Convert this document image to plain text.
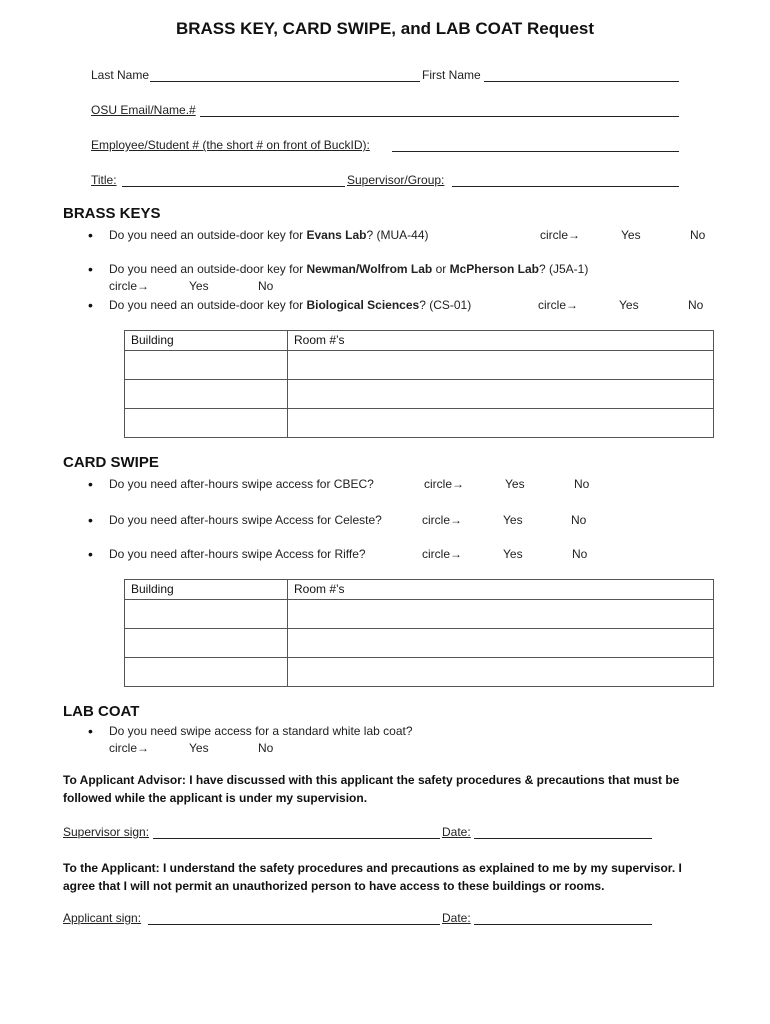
BRASS KEY, CARD SWIPE, and LAB COAT Request
Last Name	First Name
OSU Email/Name.#
Employee/Student # (the short # on front of BuckID):
Title:	Supervisor/Group:
BRASS KEYS
• Do you need an outside-door key for Evans Lab? (MUA-44)	circle→	Yes	No
• Do you need an outside-door key for Newman/Wolfrom Lab or McPherson Lab? (J5A-1)
circle→	Yes	No
• Do you need an outside-door key for Biological Sciences? (CS-01)	circle→	Yes	No
Building	Room #’s

CARD SWIPE
• Do you need after-hours swipe access for CBEC?	circle→	Yes	No
• Do you need after-hours swipe Access for Celeste?	circle→	Yes	No
• Do you need after-hours swipe Access for Riffe?	circle→	Yes	No
Building	Room #’s

LAB COAT
• Do you need swipe access for a standard white lab coat?
circle→	Yes	No
To Applicant Advisor: I have discussed with this applicant the safety procedures & precautions that must be followed while the applicant is under my supervision.
Supervisor sign:	Date:
To the Applicant: I understand the safety procedures and precautions as explained to me by my supervisor. I agree that I will not permit an unauthorized person to have access to these buildings or rooms.
Applicant sign:	Date:
